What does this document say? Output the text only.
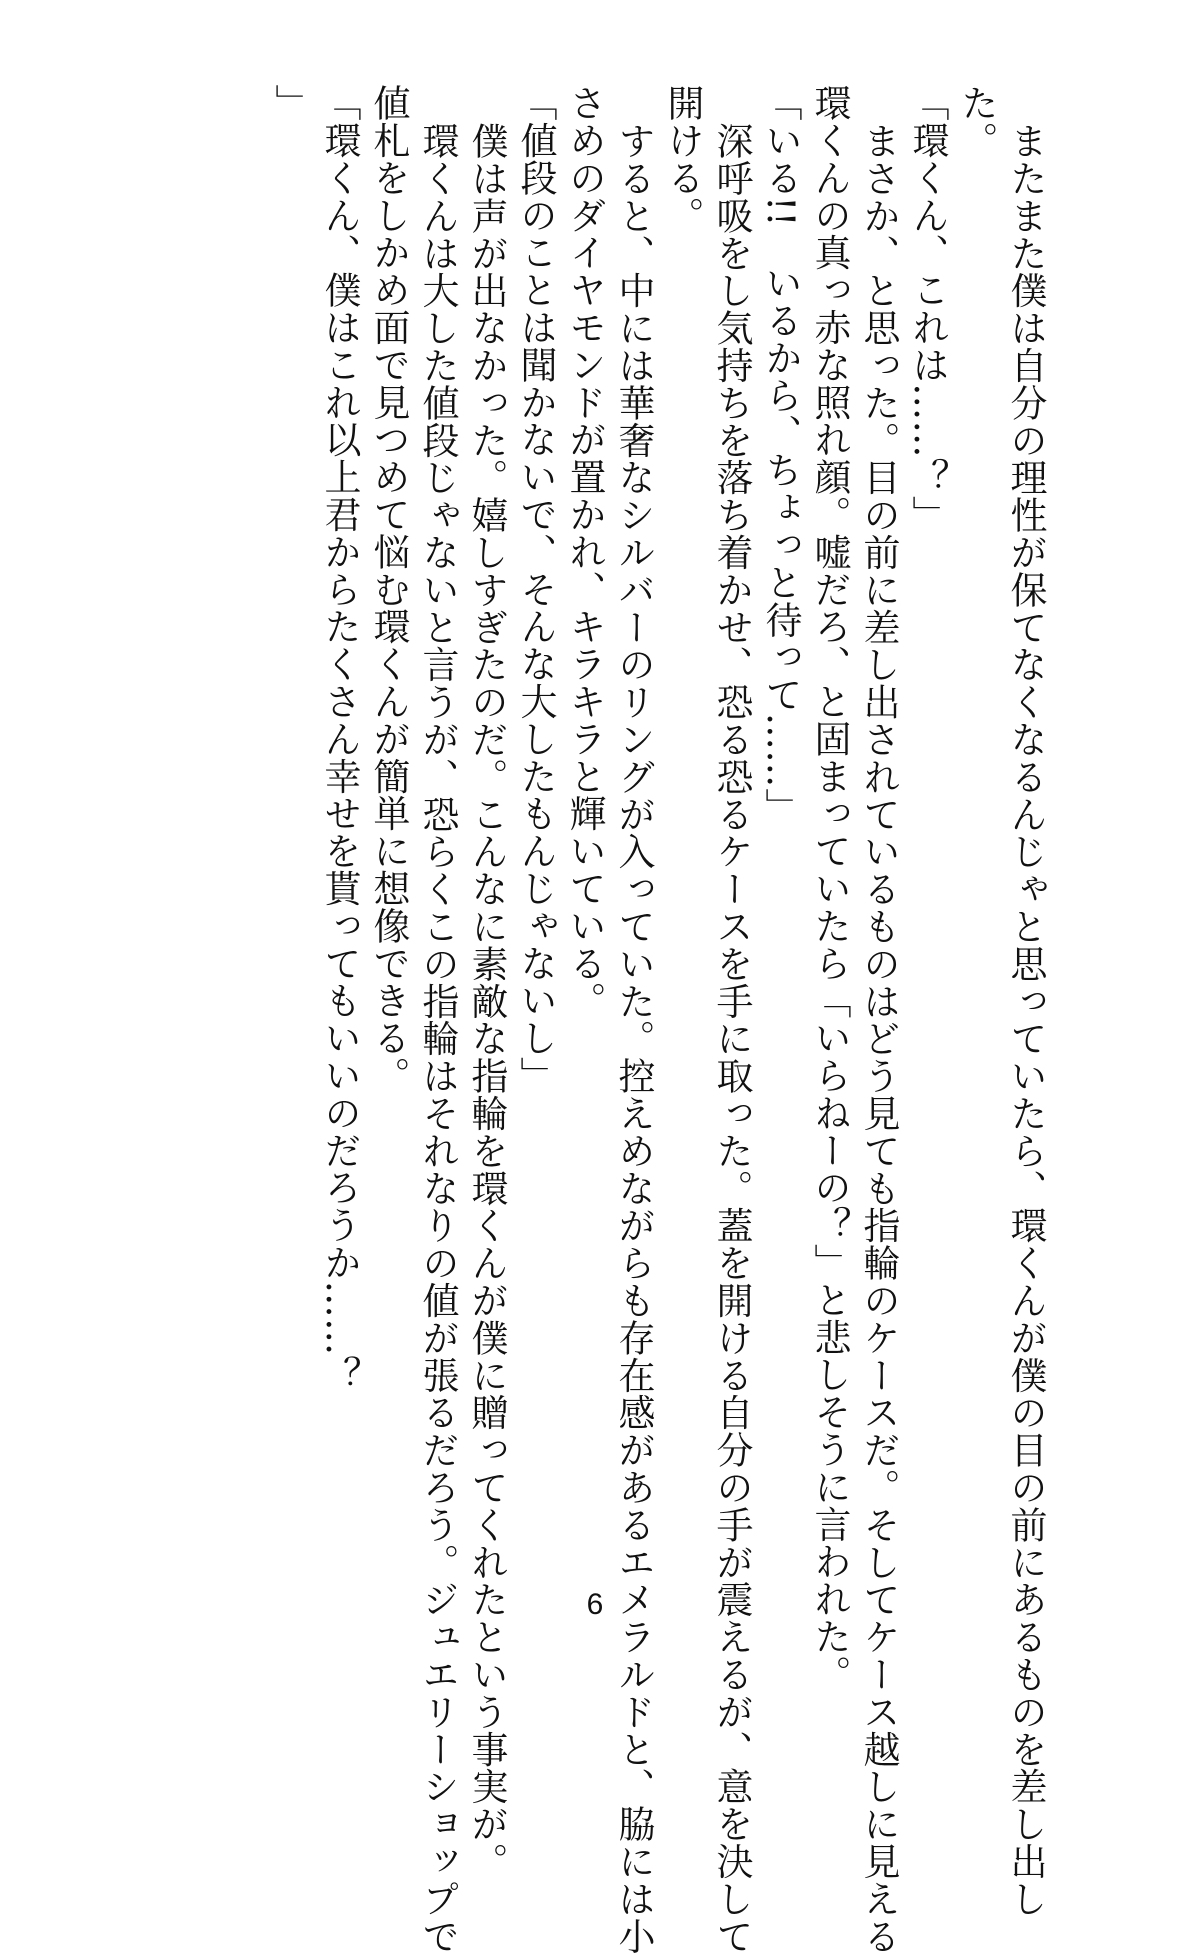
またまた僕は自分の理性が保てなくなるんじゃと思っていたら、環くんが僕の目の前にあるものを差し出し
た。
「環くん、これは……？」
まさか、と思った。目の前に差し出されているものはどう見ても指輪のケースだ。そしてケース越しに見える
環くんの真っ赤な照れ顔。嘘だろ、と固まっていたら「いらねーの？」と悲しそうに言われた。
「いる!!　いるから、ちょっと待って……」
深呼吸をし気持ちを落ち着かせ、恐る恐るケースを手に取った。蓋を開ける自分の手が震えるが、意を決して
開ける。
すると、中には華奢なシルバーのリングが入っていた。控えめながらも存在感があるエメラルドと、脇には小
さめのダイヤモンドが置かれ、キラキラと輝いている。
「値段のことは聞かないで、そんな大したもんじゃないし」
僕は声が出なかった。嬉しすぎたのだ。こんなに素敵な指輪を環くんが僕に贈ってくれたという事実が。
環くんは大した値段じゃないと言うが、恐らくこの指輪はそれなりの値が張るだろう。ジュエリーショップで
値札をしかめ面で見つめて悩む環くんが簡単に想像できる。
「環くん、僕はこれ以上君からたくさん幸せを貰ってもいいのだろうか……？
」
6
